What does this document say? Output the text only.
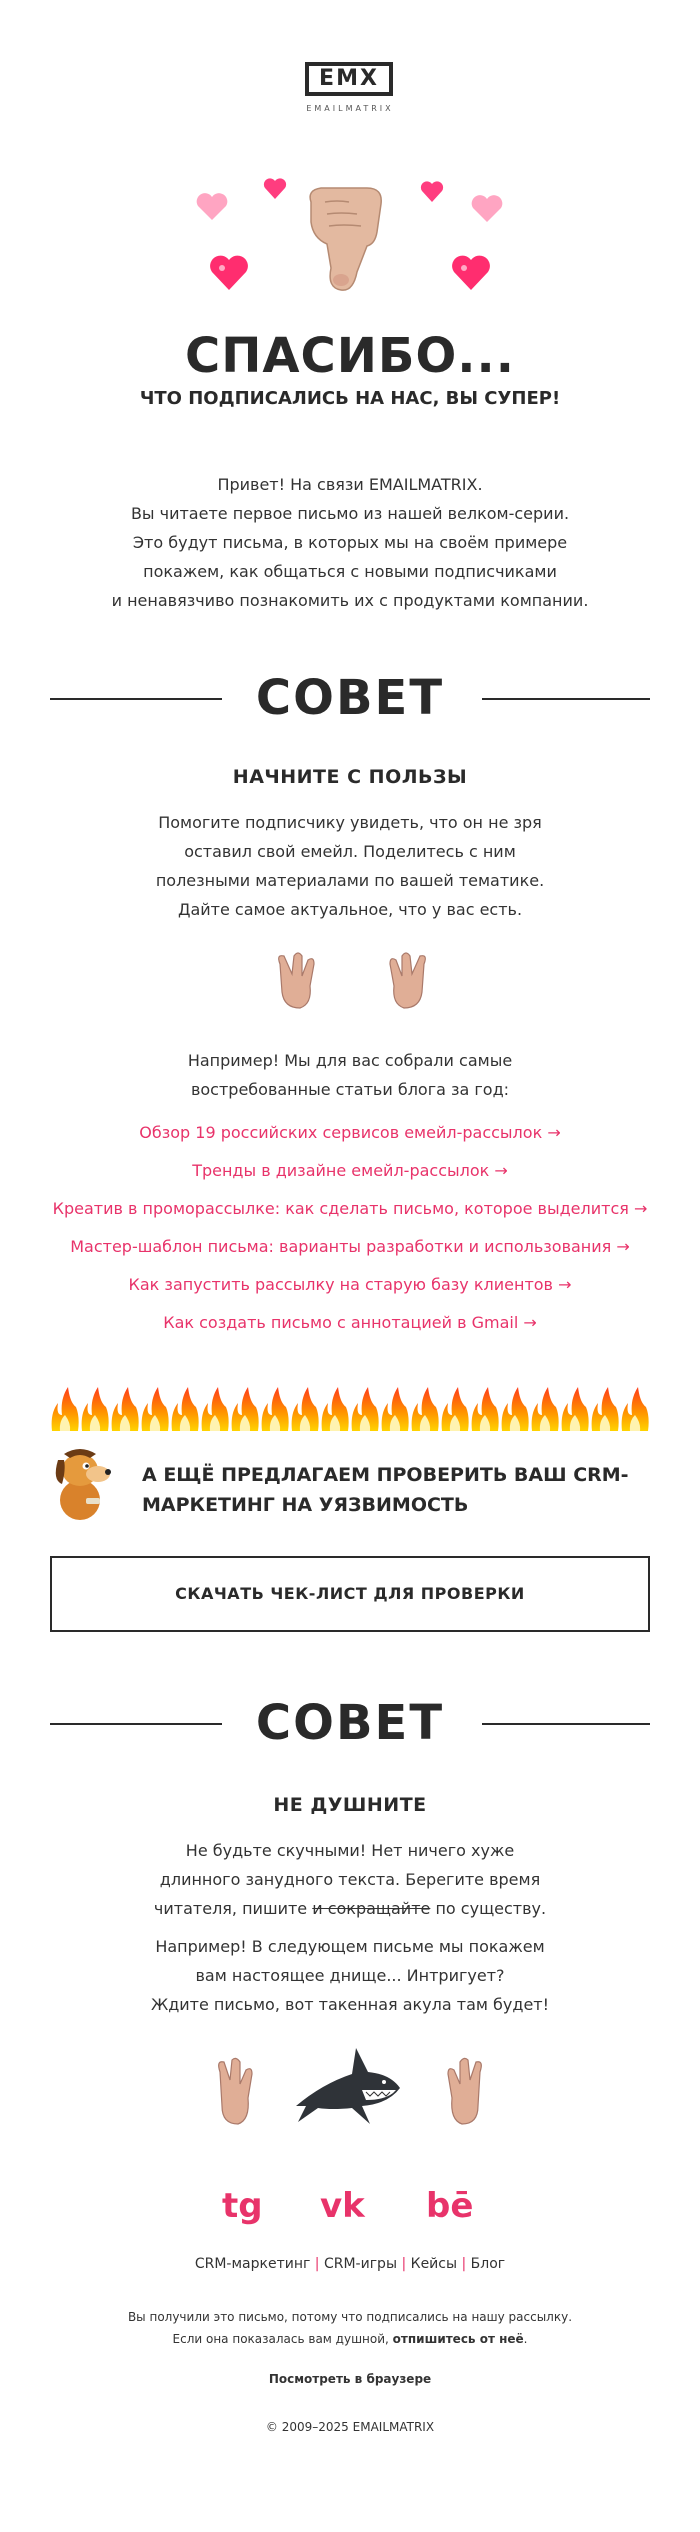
EMX
EMAILMATRIX
СПАСИБО...
ЧТО ПОДПИСАЛИСЬ НА НАС, ВЫ СУПЕР!

Привет! На связи EMAILMATRIX.

Вы читаете первое письмо из нашей велком-серии.

Это будут письма, в которых мы на своём примере

покажем, как общаться с новыми подписчиками

и ненавязчиво познакомить их с продуктами компании.

СОВЕТ
НАЧНИТЕ С ПОЛЬЗЫ

Помогите подписчику увидеть, что он не зря

оставил свой емейл. Поделитесь с ним

полезными материалами по вашей тематике.

Дайте самое актуальное, что у вас есть.

Например! Мы для вас собрали самые

востребованные статьи блога за год:

Обзор 19 российских сервисов емейл-рассылок →
Тренды в дизайне емейл-рассылок →
Креатив в проморассылке: как сделать письмо, которое выделится →
Мастер-шаблон письма: варианты разработки и использования →
Как запустить рассылку на старую базу клиентов →
Как создать письмо с аннотацией в Gmail →
А ЕЩЁ ПРЕДЛАГАЕМ ПРОВЕРИТЬ ВАШ CRM-
МАРКЕТИНГ НА УЯЗВИМОСТЬ
СКАЧАТЬ ЧЕК-ЛИСТ ДЛЯ ПРОВЕРКИ
СОВЕТ
НЕ ДУШНИТЕ

Не будьте скучными! Нет ничего хуже

длинного занудного текста. Берегите время

читателя, пишите и сокращайте по существу.

Например! В следующем письме мы покажем

вам настоящее днище... Интригует?

Ждите письмо, вот такенная акула там будет!

tg vk bē
CRM-маркетинг | CRM-игры | Кейсы | Блог
Вы получили это письмо, потому что подписались на нашу рассылку.
Если она показалась вам душной, отпишитесь от неё.
Посмотреть в браузере
© 2009–2025 EMAILMATRIX
